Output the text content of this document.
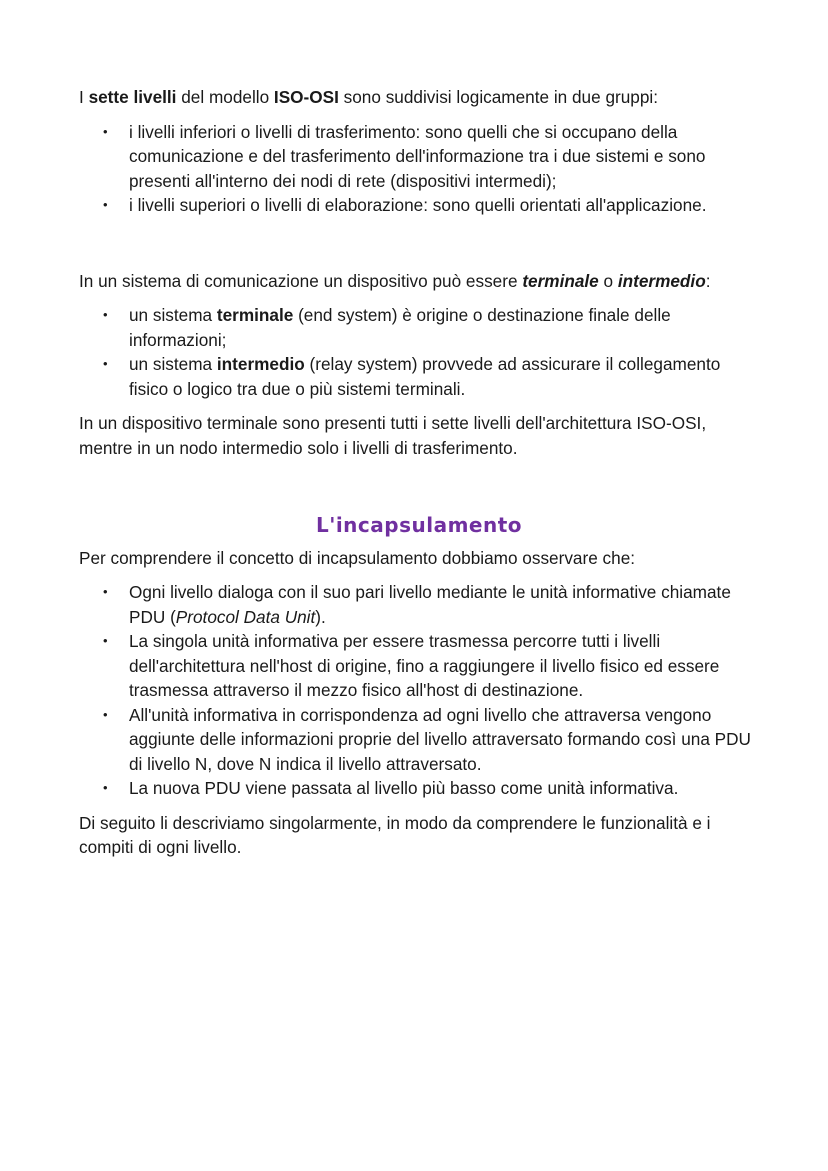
I sette livelli del modello ISO-OSI sono suddivisi logicamente in due gruppi:

• i livelli inferiori o livelli di trasferimento: sono quelli che si occupano della comunicazione e del trasferimento dell'informazione tra i due sistemi e sono presenti all'interno dei nodi di rete (dispositivi intermedi);
• i livelli superiori o livelli di elaborazione: sono quelli orientati all'applicazione.

In un sistema di comunicazione un dispositivo può essere terminale o intermedio:

• un sistema terminale (end system) è origine o destinazione finale delle informazioni;
• un sistema intermedio (relay system) provvede ad assicurare il collegamento fisico o logico tra due o più sistemi terminali.

In un dispositivo terminale sono presenti tutti i sette livelli dell'architettura ISO-OSI, mentre in un nodo intermedio solo i livelli di trasferimento.

L'incapsulamento

Per comprendere il concetto di incapsulamento dobbiamo osservare che:

• Ogni livello dialoga con il suo pari livello mediante le unità informative chiamate PDU (Protocol Data Unit).
• La singola unità informativa per essere trasmessa percorre tutti i livelli dell'architettura nell'host di origine, fino a raggiungere il livello fisico ed essere trasmessa attraverso il mezzo fisico all'host di destinazione.
• All'unità informativa in corrispondenza ad ogni livello che attraversa vengono aggiunte delle informazioni proprie del livello attraversato formando così una PDU di livello N, dove N indica il livello attraversato.
• La nuova PDU viene passata al livello più basso come unità informativa.

Di seguito li descriviamo singolarmente, in modo da comprendere le funzionalità e i compiti di ogni livello.
